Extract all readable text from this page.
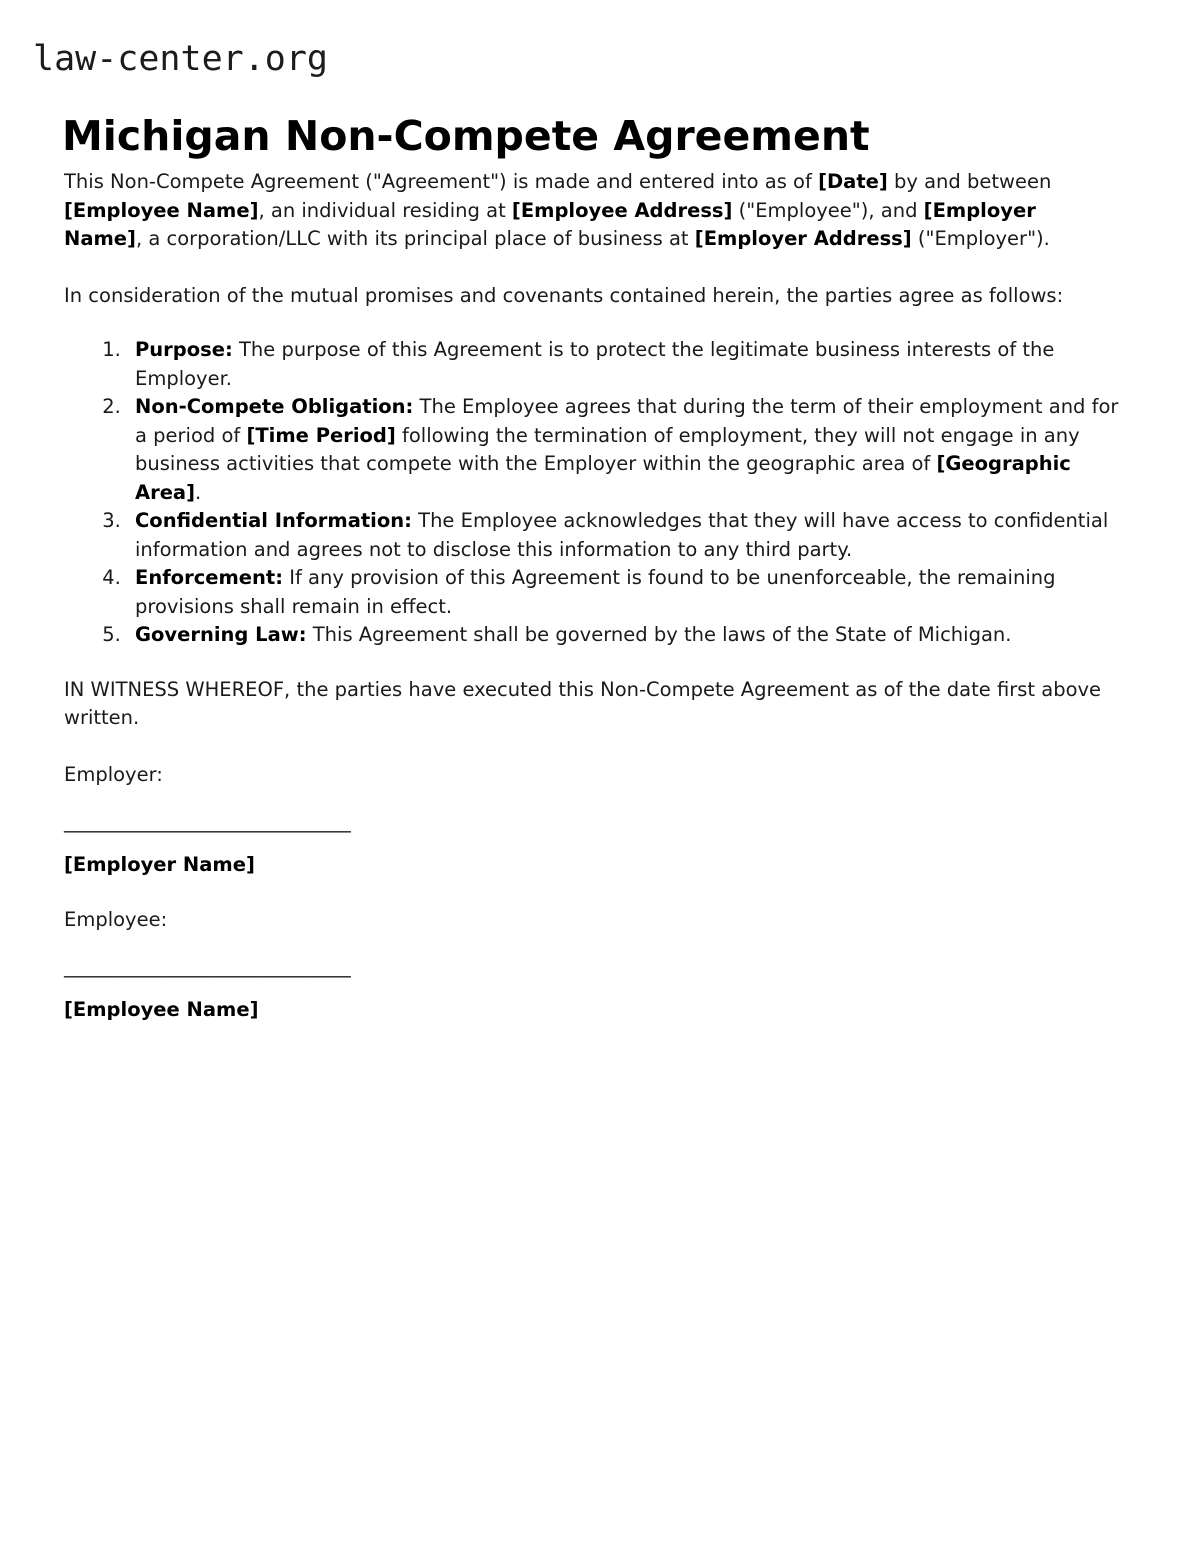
law-center.org
Michigan Non-Compete Agreement

This Non-Compete Agreement ("Agreement") is made and entered into as of [Date] by and between [Employee Name], an individual residing at [Employee Address] ("Employee"), and [Employer Name], a corporation/LLC with its principal place of business at [Employer Address] ("Employer").

In consideration of the mutual promises and covenants contained herein, the parties agree as follows:

1. Purpose: The purpose of this Agreement is to protect the legitimate business interests of the Employer.
2. Non-Compete Obligation: The Employee agrees that during the term of their employment and for a period of [Time Period] following the termination of employment, they will not engage in any business activities that compete with the Employer within the geographic area of [Geographic Area].
3. Confidential Information: The Employee acknowledges that they will have access to confidential information and agrees not to disclose this information to any third party.
4. Enforcement: If any provision of this Agreement is found to be unenforceable, the remaining provisions shall remain in effect.
5. Governing Law: This Agreement shall be governed by the laws of the State of Michigan.

IN WITNESS WHEREOF, the parties have executed this Non-Compete Agreement as of the date first above written.

Employer:

______________________________

[Employer Name]

Employee:

______________________________

[Employee Name]
